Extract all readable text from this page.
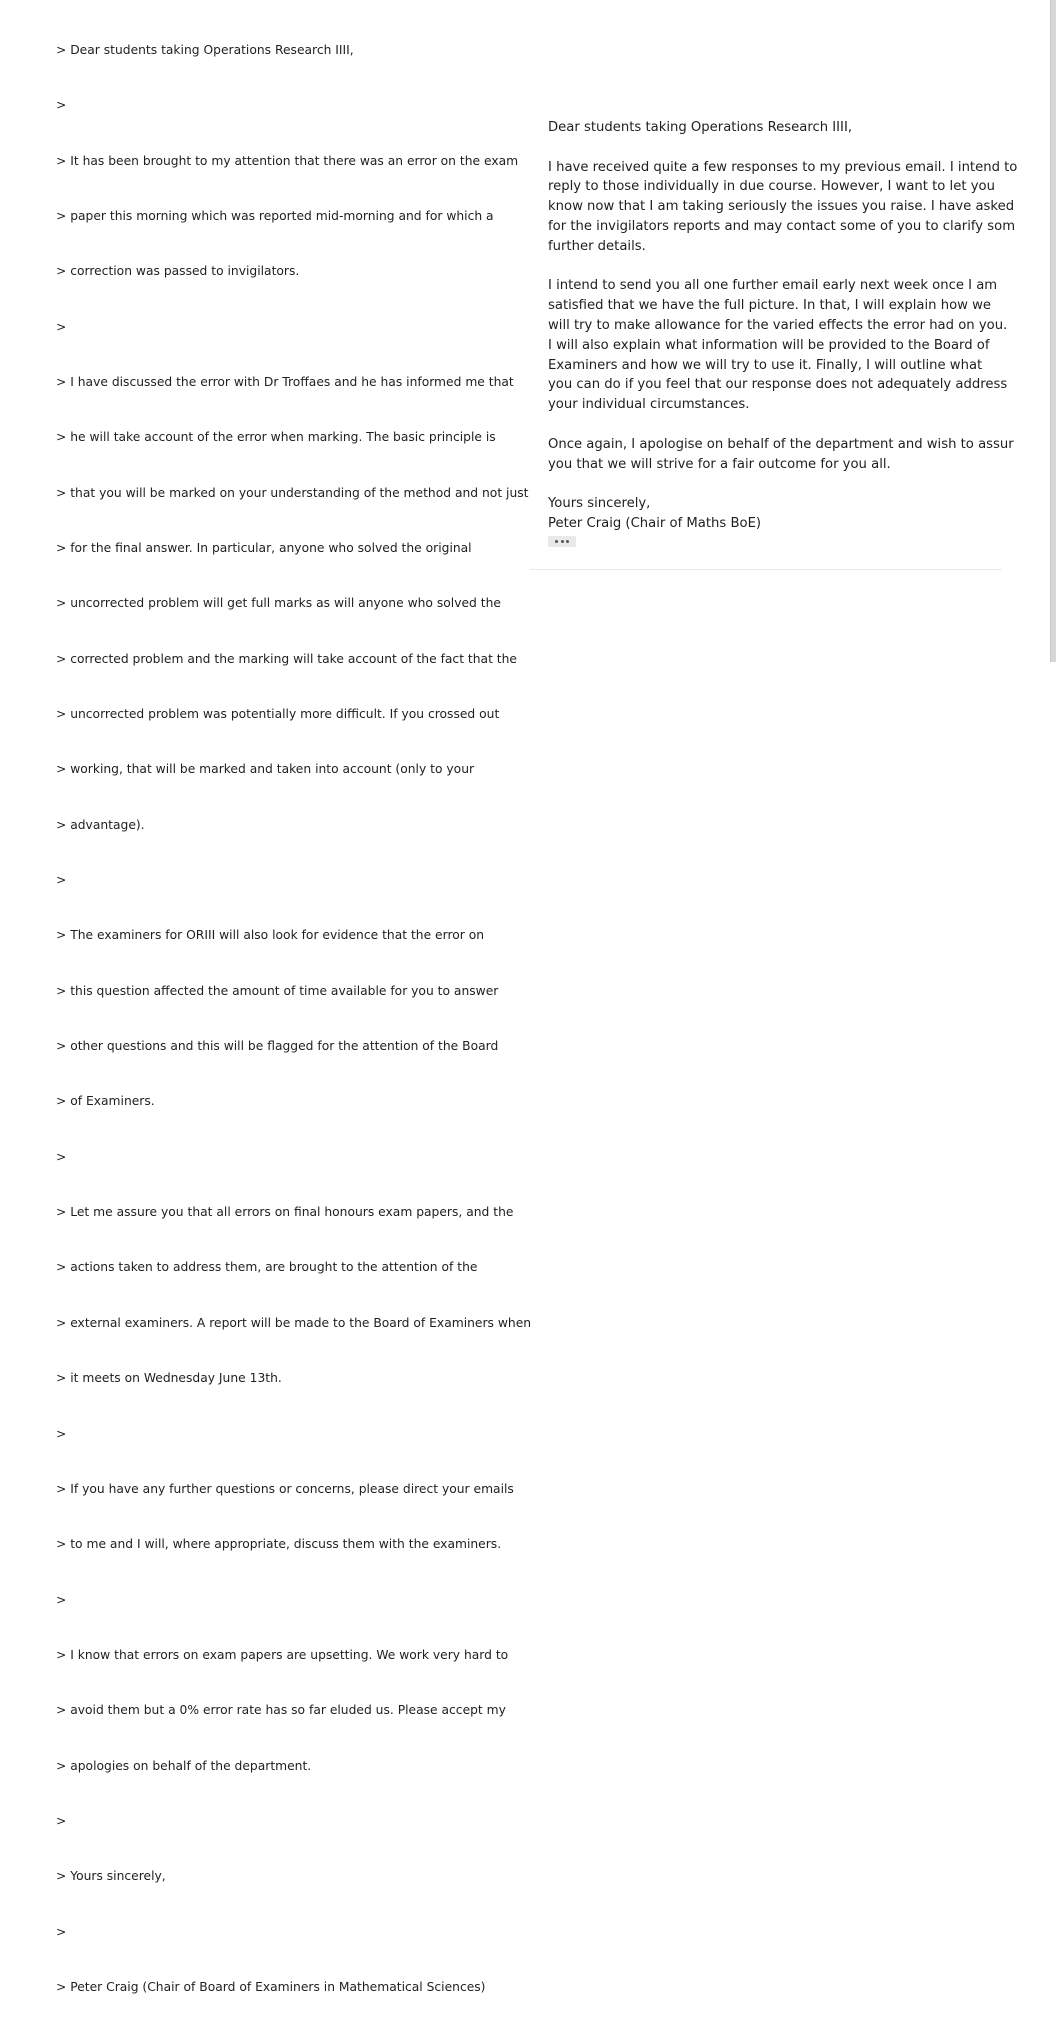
> Dear students taking Operations Research IIII,

>

> It has been brought to my attention that there was an error on the exam

> paper this morning which was reported mid-morning and for which a

> correction was passed to invigilators.

>

> I have discussed the error with Dr Troffaes and he has informed me that

> he will take account of the error when marking. The basic principle is

> that you will be marked on your understanding of the method and not just

> for the final answer. In particular, anyone who solved the original

> uncorrected problem will get full marks as will anyone who solved the

> corrected problem and the marking will take account of the fact that the

> uncorrected problem was potentially more difficult. If you crossed out

> working, that will be marked and taken into account (only to your

> advantage).

>

> The examiners for ORIII will also look for evidence that the error on

> this question affected the amount of time available for you to answer

> other questions and this will be flagged for the attention of the Board

> of Examiners.

>

> Let me assure you that all errors on final honours exam papers, and the

> actions taken to address them, are brought to the attention of the

> external examiners. A report will be made to the Board of Examiners when

> it meets on Wednesday June 13th.

>

> If you have any further questions or concerns, please direct your emails

> to me and I will, where appropriate, discuss them with the examiners.

>

> I know that errors on exam papers are upsetting. We work very hard to

> avoid them but a 0% error rate has so far eluded us. Please accept my

> apologies on behalf of the department.

>

> Yours sincerely,

>

> Peter Craig (Chair of Board of Examiners in Mathematical Sciences)

Dear students taking Operations Research IIII,
I have received quite a few responses to my previous email. I intend to
reply to those individually in due course. However, I want to let you
know now that I am taking seriously the issues you raise. I have asked
for the invigilators reports and may contact some of you to clarify som
further details.
I intend to send you all one further email early next week once I am
satisfied that we have the full picture. In that, I will explain how we
will try to make allowance for the varied effects the error had on you.
I will also explain what information will be provided to the Board of
Examiners and how we will try to use it. Finally, I will outline what
you can do if you feel that our response does not adequately address
your individual circumstances.
Once again, I apologise on behalf of the department and wish to assur
you that we will strive for a fair outcome for you all.
Yours sincerely,
Peter Craig (Chair of Maths BoE)
